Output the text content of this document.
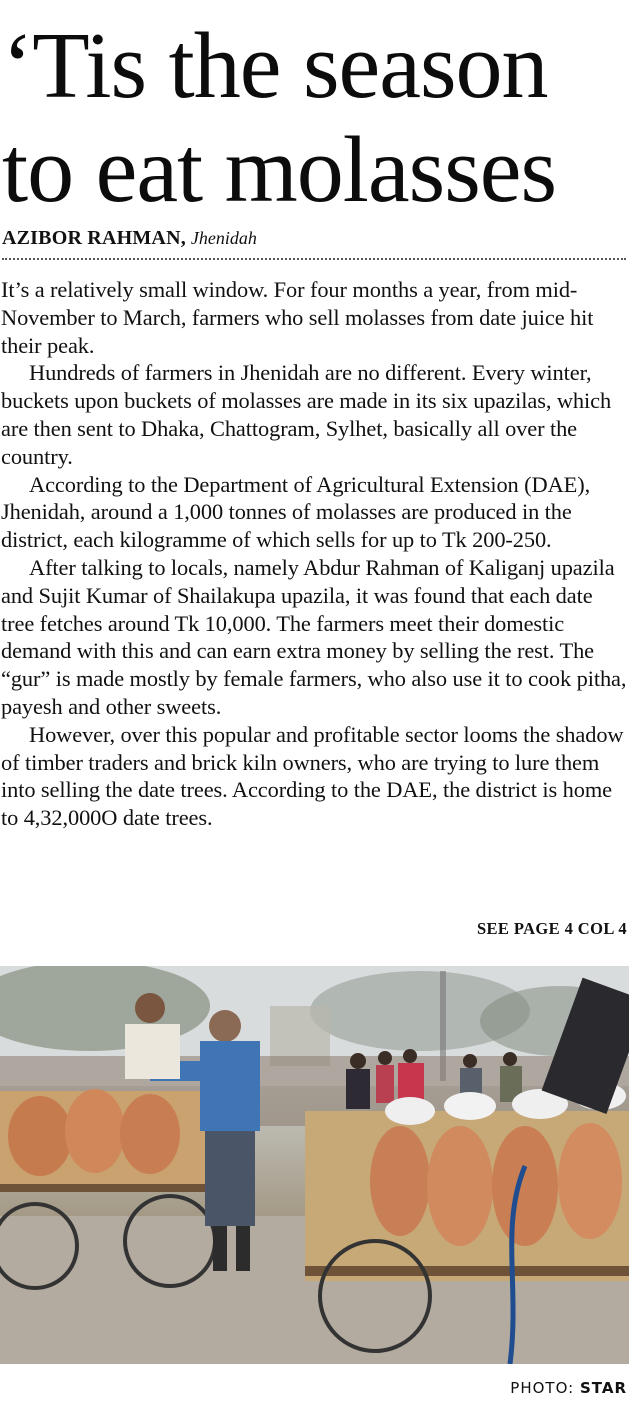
‘Tis the season
to eat molasses
AZIBOR RAHMAN, Jhenidah

It’s a relatively small window. For four months a year, from mid-November to March, farmers who sell molasses from date juice hit their peak.

Hundreds of farmers in Jhenidah are no different. Every winter, buckets upon buckets of molasses are made in its six upazilas, which are then sent to Dhaka, Chattogram, Sylhet, basically all over the country.

According to the Department of Agricultural Extension (DAE), Jhenidah, around a 1,000 tonnes of molasses are produced in the district, each kilogramme of which sells for up to Tk 200-250.

After talking to locals, namely Abdur Rahman of Kaliganj upazila and Sujit Kumar of Shailakupa upazila, it was found that each date tree fetches around Tk 10,000. The farmers meet their domestic demand with this and can earn extra money by selling the rest. The “gur” is made mostly by female farmers, who also use it to cook pitha, payesh and other sweets.

However, over this popular and profitable sector looms the shadow of timber traders and brick kiln owners, who are trying to lure them into selling the date trees. According to the DAE, the district is home to 4,32,000O date trees.

SEE PAGE 4 COL 4
PHOTO: STAR
